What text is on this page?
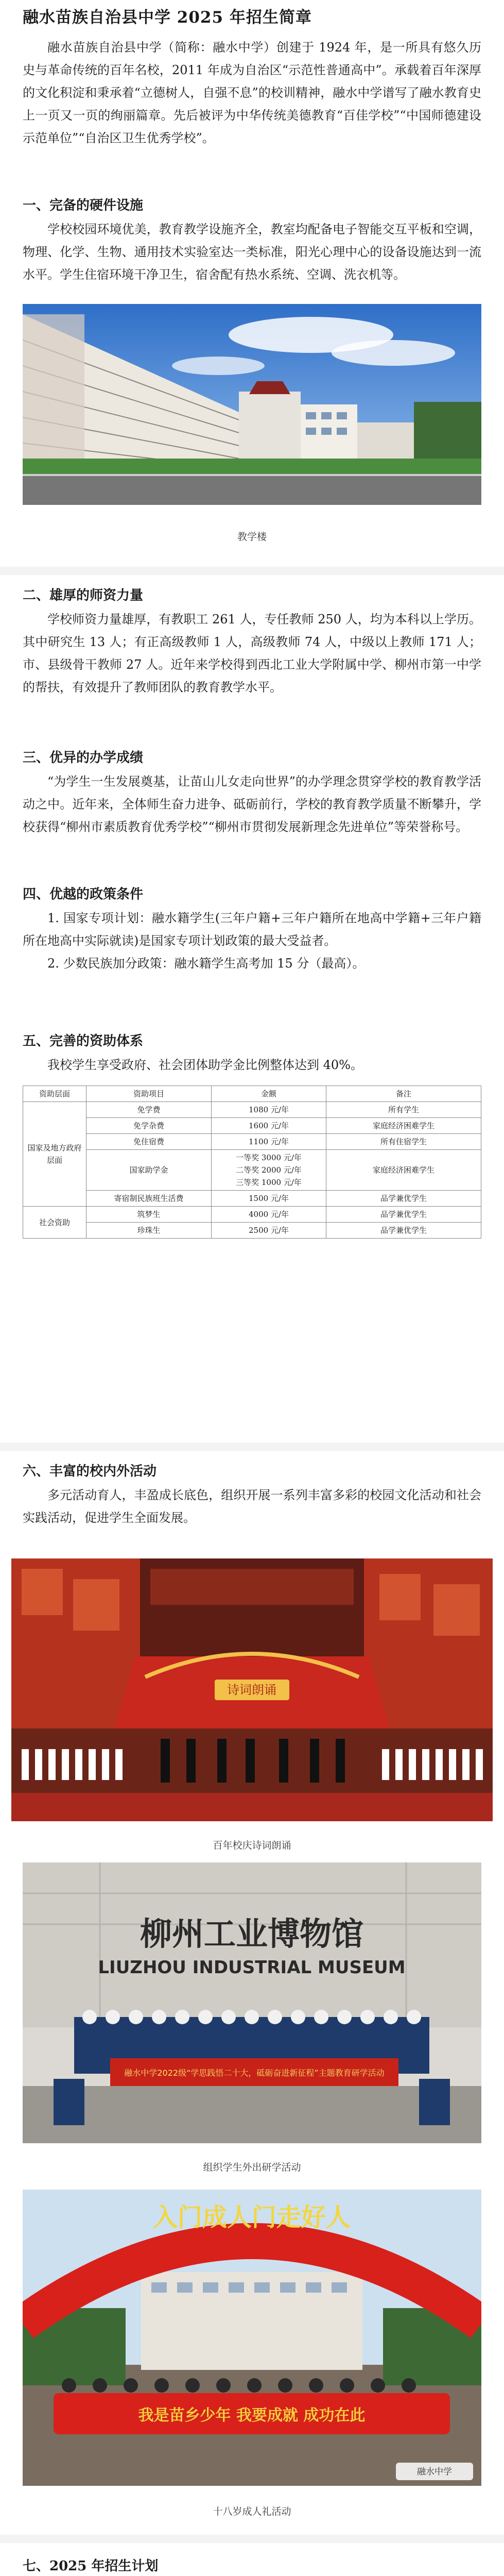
融水苗族自治县中学 2025 年招生简章

融水苗族自治县中学（简称：融水中学）创建于 1924 年，是一所具有悠久历史与革命传统的百年名校，2011 年成为自治区“示范性普通高中”。承载着百年深厚的文化积淀和秉承着“立德树人，自强不息”的校训精神，融水中学谱写了融水教育史上一页又一页的绚丽篇章。先后被评为中华传统美德教育“百佳学校”“中国师德建设示范单位”“自治区卫生优秀学校”。

一、完备的硬件设施

学校校园环境优美，教育教学设施齐全，教室均配备电子智能交互平板和空调，物理、化学、生物、通用技术实验室达一类标准，阳光心理中心的设备设施达到一流水平。学生住宿环境干净卫生，宿舍配有热水系统、空调、洗衣机等。

教学楼
二、雄厚的师资力量

学校师资力量雄厚，有教职工 261 人，专任教师 250 人，均为本科以上学历。其中研究生 13 人；有正高级教师 1 人，高级教师 74 人，中级以上教师 171 人；市、县级骨干教师 27 人。近年来学校得到西北工业大学附属中学、柳州市第一中学的帮扶，有效提升了教师团队的教育教学水平。

三、优异的办学成绩

“为学生一生发展奠基，让苗山儿女走向世界”的办学理念贯穿学校的教育教学活动之中。近年来，全体师生奋力进争、砥砺前行，学校的教育教学质量不断攀升，学校获得“柳州市素质教育优秀学校”“柳州市贯彻发展新理念先进单位”等荣誉称号。

四、优越的政策条件

1. 国家专项计划：融水籍学生(三年户籍+三年户籍所在地高中学籍+三年户籍所在地高中实际就读)是国家专项计划政策的最大受益者。

2. 少数民族加分政策：融水籍学生高考加 15 分（最高）。

五、完善的资助体系

我校学生享受政府、社会团体助学金比例整体达到 40%。

资助层面	资助项目	金额	备注
国家及地方政府层面	免学费	1080 元/年	所有学生
	免学杂费	1600 元/年	家庭经济困难学生
	免住宿费	1100 元/年	所有住宿学生
	国家助学金	一等奖 3000 元/年
二等奖 2000 元/年
三等奖 1000 元/年	家庭经济困难学生
	寄宿制民族班生活费	1500 元/年	品学兼优学生
社会资助	筑梦生	4000 元/年	品学兼优学生
	珍珠生	2500 元/年	品学兼优学生
六、丰富的校内外活动

多元活动育人，丰盈成长底色，组织开展一系列丰富多彩的校园文化活动和社会实践活动，促进学生全面发展。

诗词朗诵
百年校庆诗词朗诵
柳州工业博物馆
LIUZHOU INDUSTRIAL MUSEUM
融水中学2022级“学思践悟二十大，砥砺奋进新征程”主题教育研学活动
组织学生外出研学活动
入门成人门走好人
我是苗乡少年 我要成就 成功在此
融水中学
十八岁成人礼活动
七、2025 年招生计划
